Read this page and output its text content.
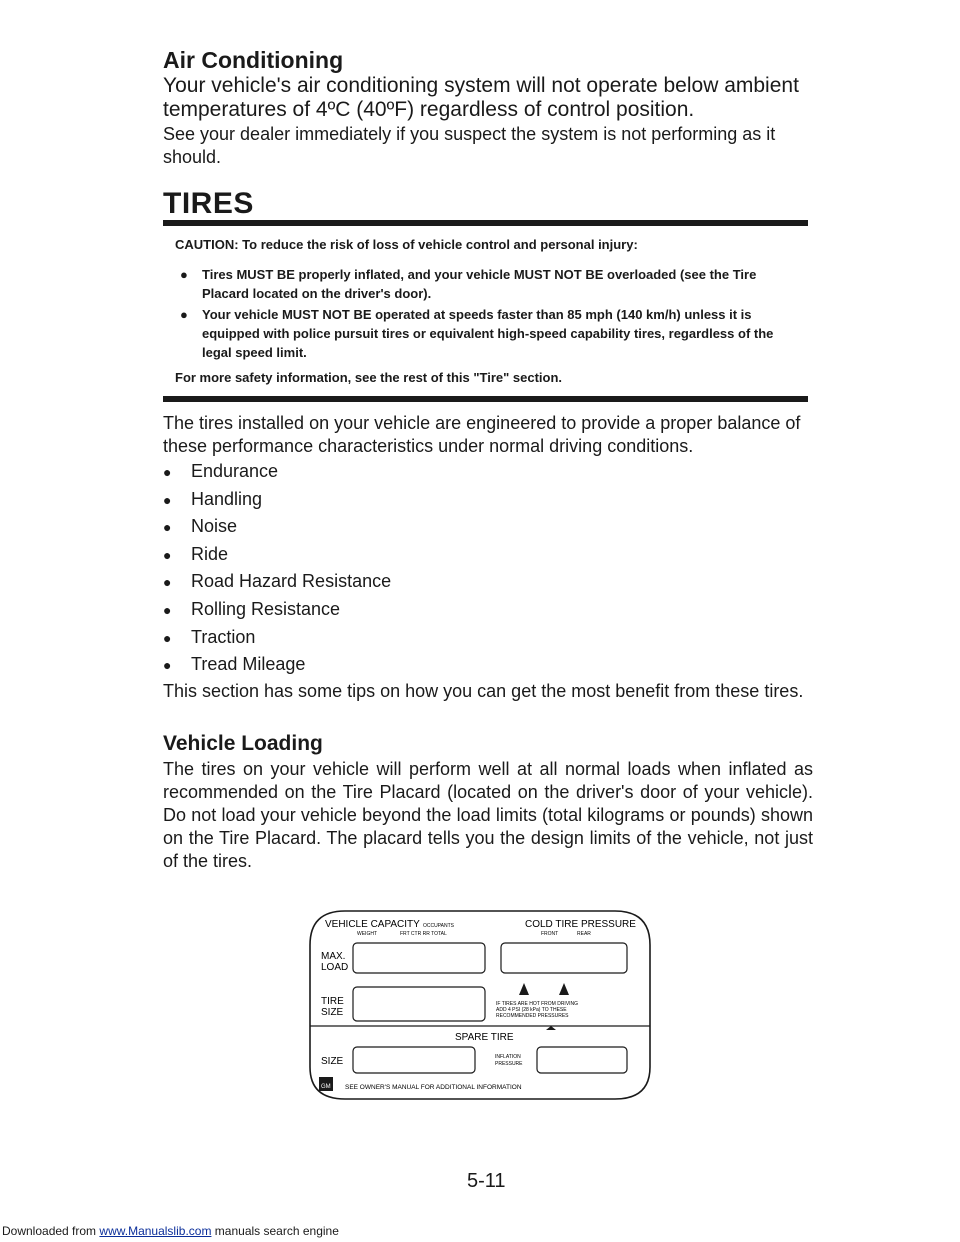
Air Conditioning
Your vehicle's air conditioning system will not operate below ambient temperatures of 4ºC (40ºF) regardless of control position.
See your dealer immediately if you suspect the system is not performing as it should.
TIRES
CAUTION: To reduce the risk of loss of vehicle control and personal injury:
● Tires MUST BE properly inflated, and your vehicle MUST NOT BE overloaded (see the Tire Placard located on the driver's door).
● Your vehicle MUST NOT BE operated at speeds faster than 85 mph (140 km/h) unless it is equipped with police pursuit tires or equivalent high-speed capability tires, regardless of the legal speed limit.
For more safety information, see the rest of this "Tire" section.
The tires installed on your vehicle are engineered to provide a proper balance of these performance characteristics under normal driving conditions.
● Endurance
● Handling
● Noise
● Ride
● Road Hazard Resistance
● Rolling Resistance
● Traction
● Tread Mileage
This section has some tips on how you can get the most benefit from these tires.
Vehicle Loading
The tires on your vehicle will perform well at all normal loads when inflated as recommended on the Tire Placard (located on the driver's door of your vehicle). Do not load your vehicle beyond the load limits (total kilograms or pounds) shown on the Tire Placard. The placard tells you the design limits of the vehicle, not just of the tires.
VEHICLE CAPACITY
WEIGHT
OCCUPANTS
FRT CTR RR TOTAL
COLD TIRE PRESSURE
FRONT	REAR
MAX.
LOAD
TIRE
SIZE
IF TIRES ARE HOT FROM DRIVING
ADD 4 PSI (28 kPa) TO THESE
RECOMMENDED PRESSURES
SPARE TIRE
SIZE	INFLATION
PRESSURE
GM SEE OWNER'S MANUAL FOR ADDITIONAL INFORMATION
5-11
Downloaded from www.Manualslib.com manuals search engine
